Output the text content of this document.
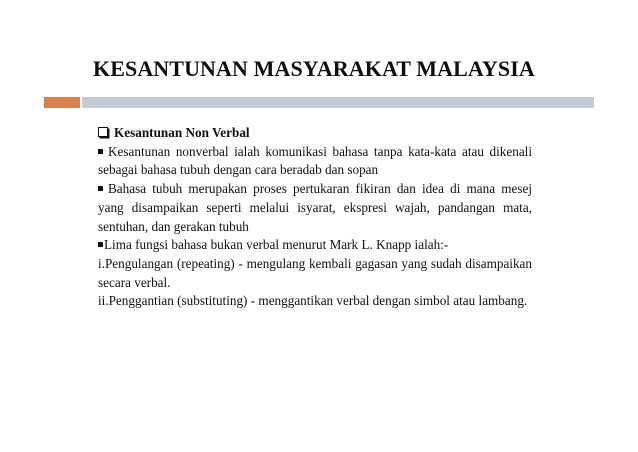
KESANTUNAN MASYARAKAT MALAYSIA
Kesantunan Non Verbal
Kesantunan nonverbal ialah komunikasi bahasa tanpa kata-kata atau dikenali sebagai bahasa tubuh dengan cara beradab dan sopan
Bahasa tubuh merupakan proses pertukaran fikiran dan idea di mana mesej yang disampaikan seperti melalui isyarat, ekspresi wajah, pandangan mata, sentuhan, dan gerakan tubuh
Lima fungsi bahasa bukan verbal menurut Mark L. Knapp ialah:-
i.Pengulangan (repeating) - mengulang kembali gagasan yang sudah disampaikan secara verbal.
ii.Penggantian (substituting) - menggantikan verbal dengan simbol atau lambang.
